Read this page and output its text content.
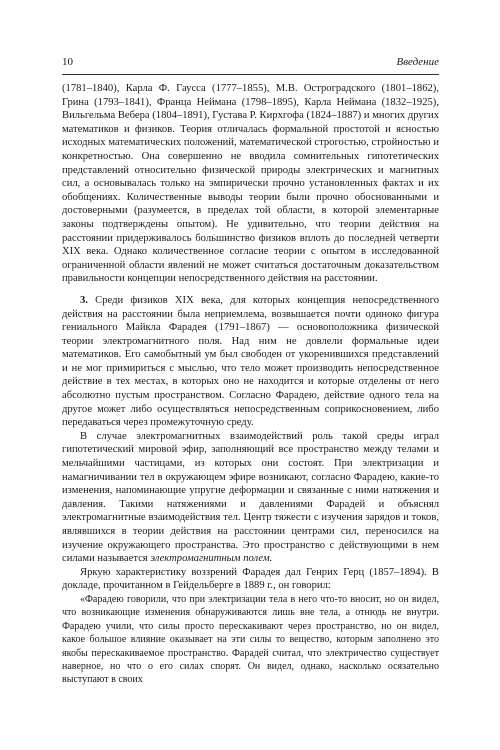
10	Введение

(1781–1840), Карла Ф. Гаусса (1777–1855), М.В. Остроградского (1801–1862), Грина (1793–1841), Франца Неймана (1798–1895), Карла Неймана (1832–1925), Вильгельма Вебера (1804–1891), Густава Р. Кирхгофа (1824–1887) и многих других математиков и физиков. Теория отличалась формальной простотой и ясностью исходных математических положений, математической строгостью, стройностью и конкретностью. Она совершенно не вводила сомнительных гипотетических представлений относительно физической природы электрических и магнитных сил, а основывалась только на эмпирически прочно установленных фактах и их обобщениях. Количественные выводы теории были прочно обоснованными и достоверными (разумеется, в пределах той области, в которой элементарные законы подтверждены опытом). Не удивительно, что теории действия на расстоянии придерживалось большинство физиков вплоть до последней четверти XIX века. Однако количественное согласие теории с опытом в исследованной ограниченной области явлений не может считаться достаточным доказательством правильности концепции непосредственного действия на расстоянии.

3. Среди физиков XIX века, для которых концепция непосредственного действия на расстоянии была неприемлема, возвышается почти одиноко фигура гениального Майкла Фарадея (1791–1867) — основоположника физической теории электромагнитного поля. Над ним не довлели формальные идеи математиков. Его самобытный ум был свободен от укоренившихся представлений и не мог примириться с мыслью, что тело может производить непосредственное действие в тех местах, в которых оно не находится и которые отделены от него абсолютно пустым пространством. Согласно Фарадею, действие одного тела на другое может либо осуществляться непосредственным соприкосновением, либо передаваться через промежуточную среду.

В случае электромагнитных взаимодействий роль такой среды играл гипотетический мировой эфир, заполняющий все пространство между телами и мельчайшими частицами, из которых они состоят. При электризации и намагничивании тел в окружающем эфире возникают, согласно Фарадею, какие-то изменения, напоминающие упругие деформации и связанные с ними натяжения и давления. Такими натяжениями и давлениями Фарадей и объяснял электромагнитные взаимодействия тел. Центр тяжести с изучения зарядов и токов, являвшихся в теории действия на расстоянии центрами сил, переносился на изучение окружающего пространства. Это пространство с действующими в нем силами называется электромагнитным полем.

Яркую характеристику воззрений Фарадея дал Генрих Герц (1857–1894). В докладе, прочитанном в Гейдельберге в 1889 г., он говорил:

«Фарадею говорили, что при электризации тела в него что-то вносит, но он видел, что возникающие изменения обнаруживаются лишь вне тела, а отнюдь не внутри. Фарадею учили, что силы просто перескакивают через пространство, но он видел, какое большое влияние оказывает на эти силы то вещество, которым заполнено это якобы перескакиваемое пространство. Фарадей считал, что электричество существует наверное, но что о его силах спорят. Он видел, однако, насколько осязательно выступают в своих
